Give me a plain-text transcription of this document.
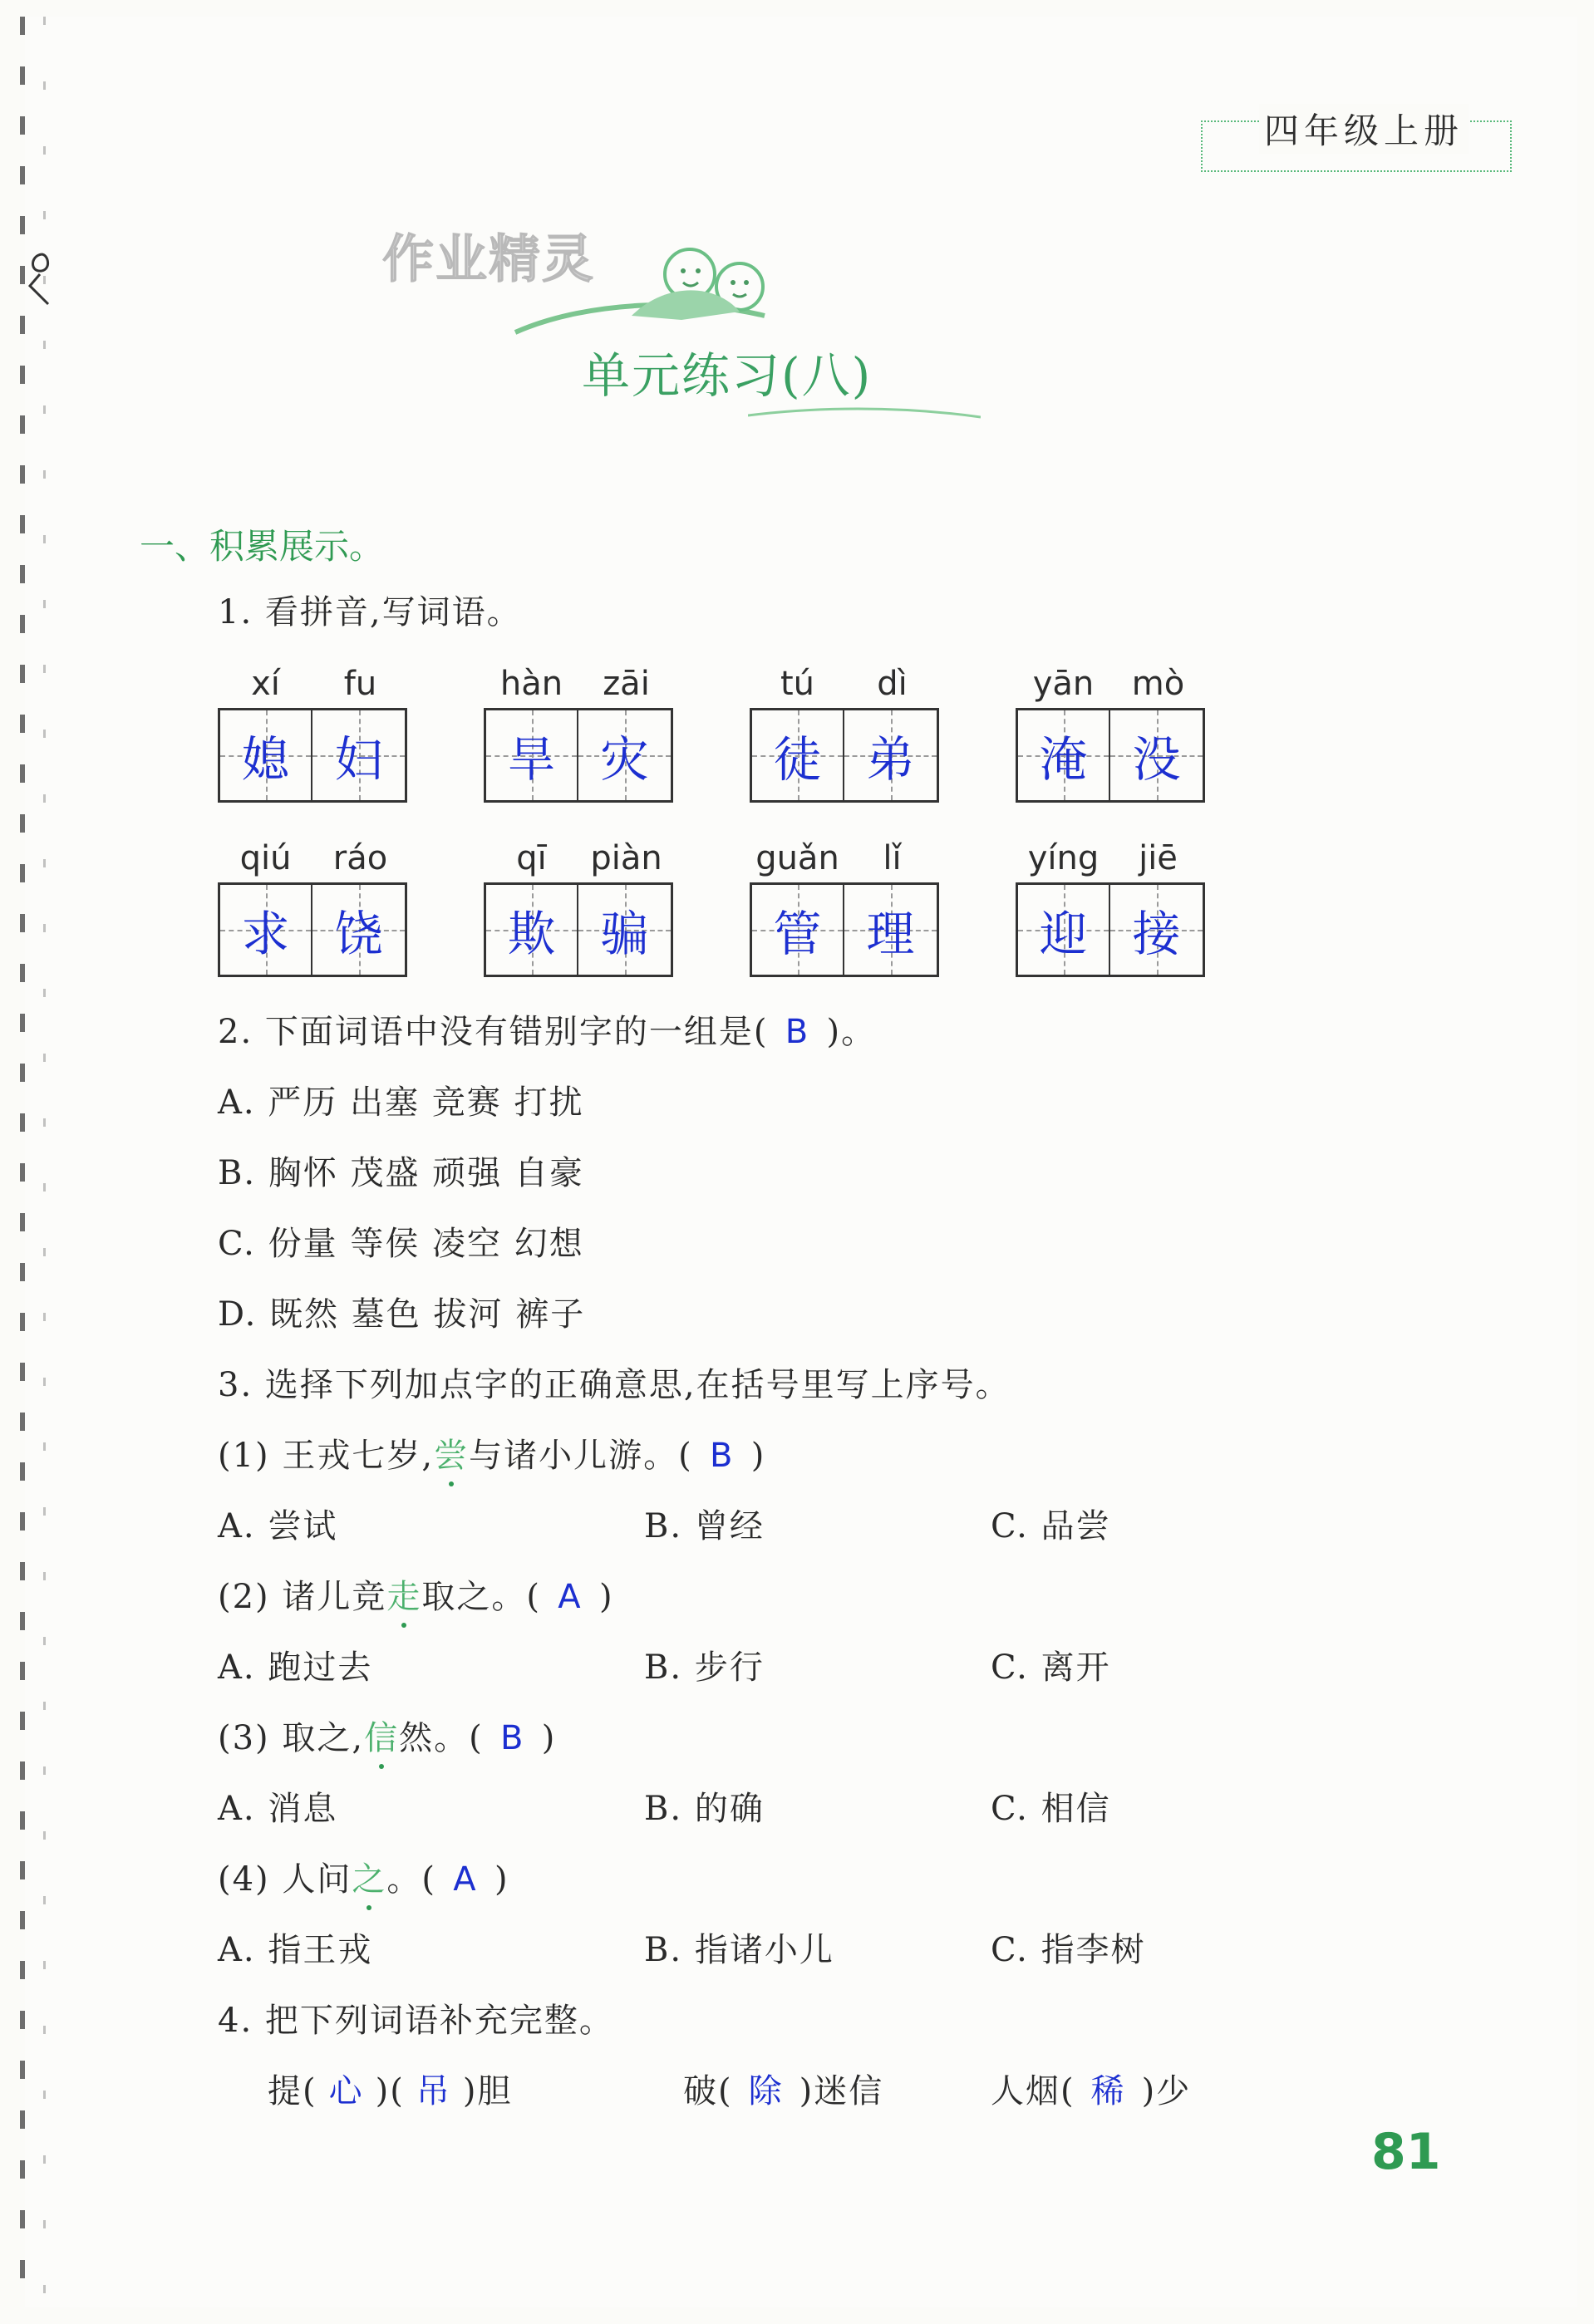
四年级上册
作业精灵
单元练习(八)
一、积累展示。
1. 看拼音,写词语。
xí	fu
媳 妇
hàn	zāi
旱 灾
tú	dì
徒 弟
yān	mò
淹 没
qiú	ráo
求 饶
qī	piàn
欺 骗
guǎn	lǐ
管 理
yíng	jiē
迎 接
2. 下面词语中没有错别字的一组是( B )。
A. 严历 出塞 竞赛 打扰
B. 胸怀 茂盛 顽强 自豪
C. 份量 等侯 凌空 幻想
D. 既然 墓色 拔河 裤子
3. 选择下列加点字的正确意思,在括号里写上序号。
(1) 王戎七岁,尝与诸小儿游。( B )
A. 尝试	B. 曾经	C. 品尝
(2) 诸儿竞走取之。( A )
A. 跑过去	B. 步行	C. 离开
(3) 取之,信然。( B )
A. 消息	B. 的确	C. 相信
(4) 人问之。( A )
A. 指王戎	B. 指诸小儿	C. 指李树
4. 把下列词语补充完整。
提( 心 )( 吊 )胆	破( 除 )迷信	人烟( 稀 )少
81
